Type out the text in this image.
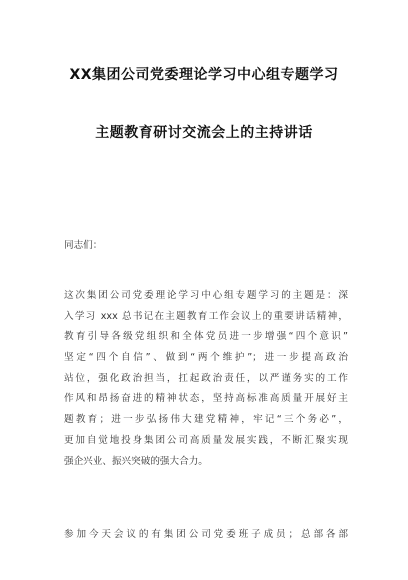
XX集团公司党委理论学习中心组专题学习
主题教育研讨交流会上的主持讲话
同志们：
这次集团公司党委理论学习中心组专题学习的主题是：深
入学习 xxx 总书记在主题教育工作会议上的重要讲话精神，
教育引导各级党组织和全体党员进一步增强“四个意识”
坚定“四个自信”、做到“两个维护”；进一步提高政治
站位，强化政治担当，扛起政治责任，以严谨务实的工作
作风和昂扬奋进的精神状态，坚持高标准高质量开展好主
题教育；进一步弘扬伟大建党精神，牢记“三个务必”，
更加自觉地投身集团公司高质量发展实践，不断汇聚实现
强企兴业、振兴突破的强大合力。
参加今天会议的有集团公司党委班子成员；总部各部
